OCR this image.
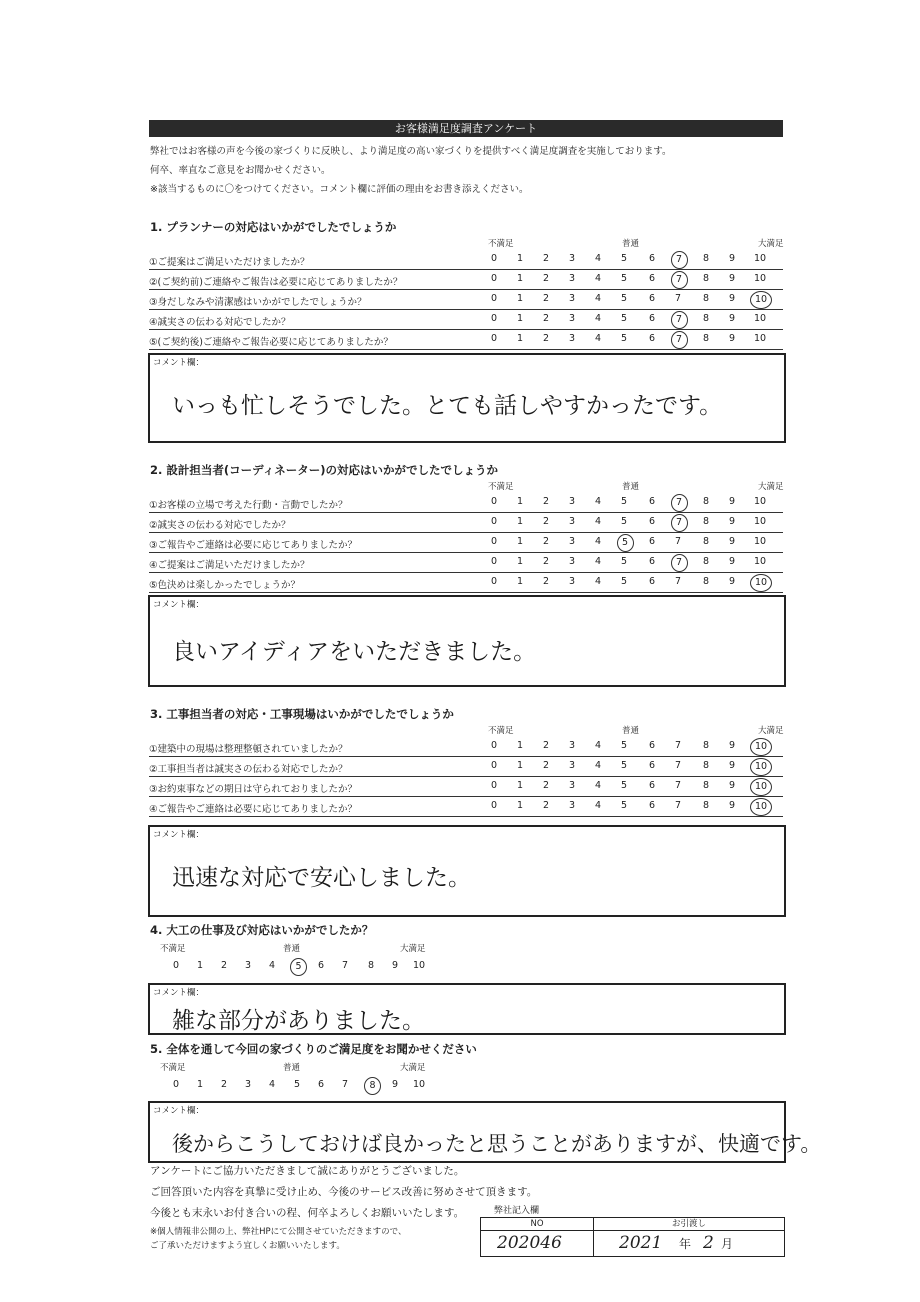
お客様満足度調査アンケート
弊社ではお客様の声を今後の家づくりに反映し、より満足度の高い家づくりを提供すべく満足度調査を実施しております。
何卒、率直なご意見をお聞かせください。
※該当するものに〇をつけてください。コメント欄に評価の理由をお書き添えください。
1. プランナーの対応はいかがでしたでしょうか
不満足	普通	大満足
①ご提案はご満足いただけましたか？	0	1	2	3	4	5	6	7	8	9	10
②(ご契約前)ご連絡やご報告は必要に応じてありましたか？	0	1	2	3	4	5	6	7	8	9	10
③身だしなみや清潔感はいかがでしたでしょうか？	0	1	2	3	4	5	6	7	8	9	10
④誠実さの伝わる対応でしたか？	0	1	2	3	4	5	6	7	8	9	10
⑤(ご契約後)ご連絡やご報告必要に応じてありましたか？	0	1	2	3	4	5	6	7	8	9	10
コメント欄：
いっも忙しそうでした。とても話しやすかったです。
2. 設計担当者(コーディネーター)の対応はいかがでしたでしょうか
不満足	普通	大満足
①お客様の立場で考えた行動・言動でしたか？	0	1	2	3	4	5	6	7	8	9	10
②誠実さの伝わる対応でしたか？	0	1	2	3	4	5	6	7	8	9	10
③ご報告やご連絡は必要に応じてありましたか？	0	1	2	3	4	5	6	7	8	9	10
④ご提案はご満足いただけましたか？	0	1	2	3	4	5	6	7	8	9	10
⑤色決めは楽しかったでしょうか？	0	1	2	3	4	5	6	7	8	9	10
コメント欄：
良いアイディアをいただきました。
3. 工事担当者の対応・工事現場はいかがでしたでしょうか
不満足	普通	大満足
①建築中の現場は整理整頓されていましたか？	0	1	2	3	4	5	6	7	8	9	10
②工事担当者は誠実さの伝わる対応でしたか？	0	1	2	3	4	5	6	7	8	9	10
③お約束事などの期日は守られておりましたか？	0	1	2	3	4	5	6	7	8	9	10
④ご報告やご連絡は必要に応じてありましたか？	0	1	2	3	4	5	6	7	8	9	10
コメント欄：
迅速な対応で安心しました。
4. 大工の仕事及び対応はいかがでしたか？
不満足	普通	大満足
0	1	2	3	4	5	6	7	8	9	10
コメント欄：
雑な部分がありました。
5. 全体を通して今回の家づくりのご満足度をお聞かせください
不満足	普通	大満足
0	1	2	3	4	5	6	7	8	9	10
コメント欄：
後からこうしておけば良かったと思うことがありますが、快適です。
アンケートにご協力いただきまして誠にありがとうございました。
ご回答頂いた内容を真摯に受け止め、今後のサービス改善に努めさせて頂きます。
今後とも末永いお付き合いの程、何卒よろしくお願いいたします。
※個人情報非公開の上、弊社HPにて公開させていただきますので、
ご了承いただけますよう宜しくお願いいたします。
弊社記入欄
NO	お引渡し
202046	2021 年 2 月
